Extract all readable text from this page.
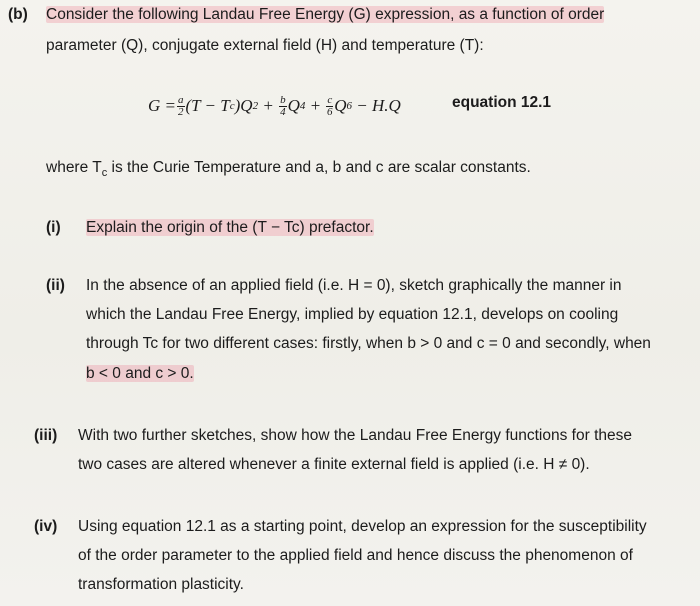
(b) Consider the following Landau Free Energy (G) expression, as a function of order
parameter (Q), conjugate external field (H) and temperature (T):
$G = \frac{a}{2} (T - T$ c )Q $2 + \frac{b}{4}$ Q $4 + \frac{c}{6}$ Q 6
− H.Q	equation 12.1
where $T_c$ is the Curie Temperature and a, b and c are scalar constants.
(i) Explain the origin of the (T − Tc) prefactor.
(ii) In the absence of an applied field (i.e. H = 0), sketch graphically the manner in
which the Landau Free Energy, implied by equation 12.1, develops on cooling
through Tc for two different cases: firstly, when b > 0 and c = 0 and secondly, when
b < 0 and c > 0.
(iii) With two further sketches, show how the Landau Free Energy functions for these
two cases are altered whenever a finite external field is applied (i.e. H ≠ 0).
(iv) Using equation 12.1 as a starting point, develop an expression for the susceptibility
of the order parameter to the applied field and hence discuss the phenomenon of
transformation plasticity.
